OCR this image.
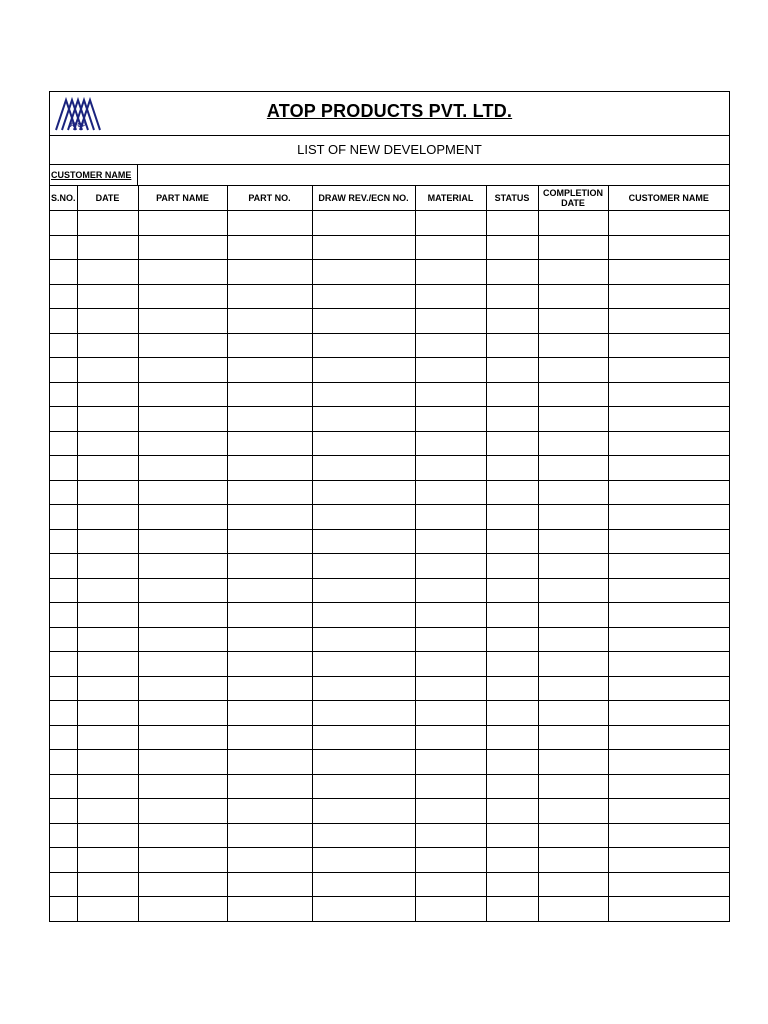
ATOP
ATOP PRODUCTS PVT. LTD.
LIST OF NEW DEVELOPMENT
CUSTOMER NAME
S.NO.	DATE	PART NAME	PART NO.	DRAW REV./ECN NO.	MATERIAL	STATUS	COMPLETION DATE	CUSTOMER NAME
